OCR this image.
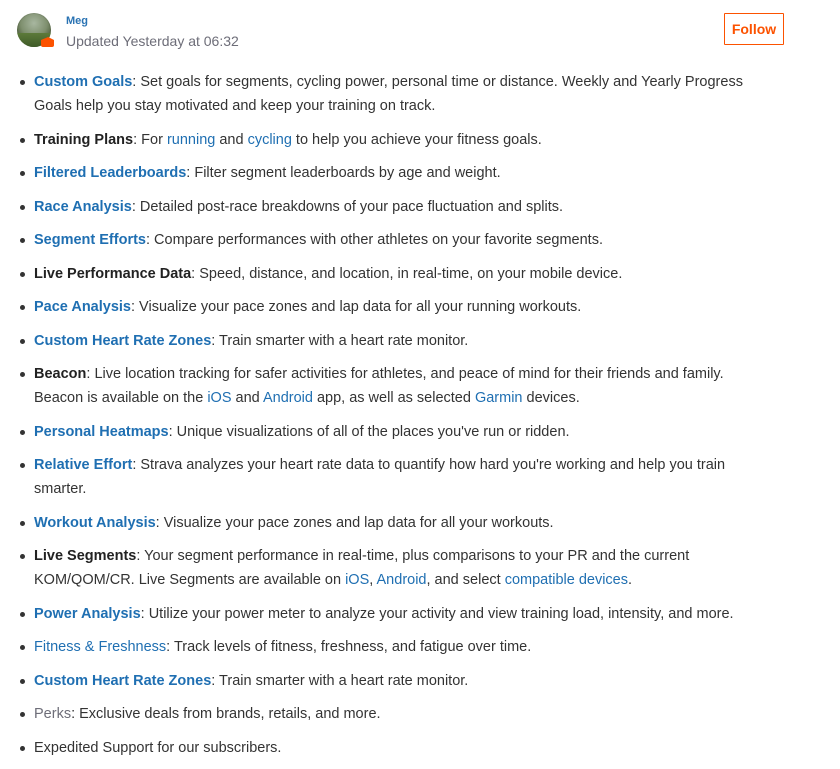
Meg
Updated Yesterday at 06:32
Follow
Custom Goals: Set goals for segments, cycling power, personal time or distance. Weekly and Yearly Progress Goals help you stay motivated and keep your training on track.
Training Plans: For running and cycling to help you achieve your fitness goals.
Filtered Leaderboards: Filter segment leaderboards by age and weight.
Race Analysis: Detailed post-race breakdowns of your pace fluctuation and splits.
Segment Efforts: Compare performances with other athletes on your favorite segments.
Live Performance Data: Speed, distance, and location, in real-time, on your mobile device.
Pace Analysis: Visualize your pace zones and lap data for all your running workouts.
Custom Heart Rate Zones: Train smarter with a heart rate monitor.
Beacon: Live location tracking for safer activities for athletes, and peace of mind for their friends and family. Beacon is available on the iOS and Android app, as well as selected Garmin devices.
Personal Heatmaps: Unique visualizations of all of the places you've run or ridden.
Relative Effort: Strava analyzes your heart rate data to quantify how hard you're working and help you train smarter.
Workout Analysis: Visualize your pace zones and lap data for all your workouts.
Live Segments: Your segment performance in real-time, plus comparisons to your PR and the current KOM/QOM/CR. Live Segments are available on iOS, Android, and select compatible devices.
Power Analysis: Utilize your power meter to analyze your activity and view training load, intensity, and more.
Fitness & Freshness: Track levels of fitness, freshness, and fatigue over time.
Custom Heart Rate Zones: Train smarter with a heart rate monitor.
Perks: Exclusive deals from brands, retails, and more.
Expedited Support for our subscribers.
